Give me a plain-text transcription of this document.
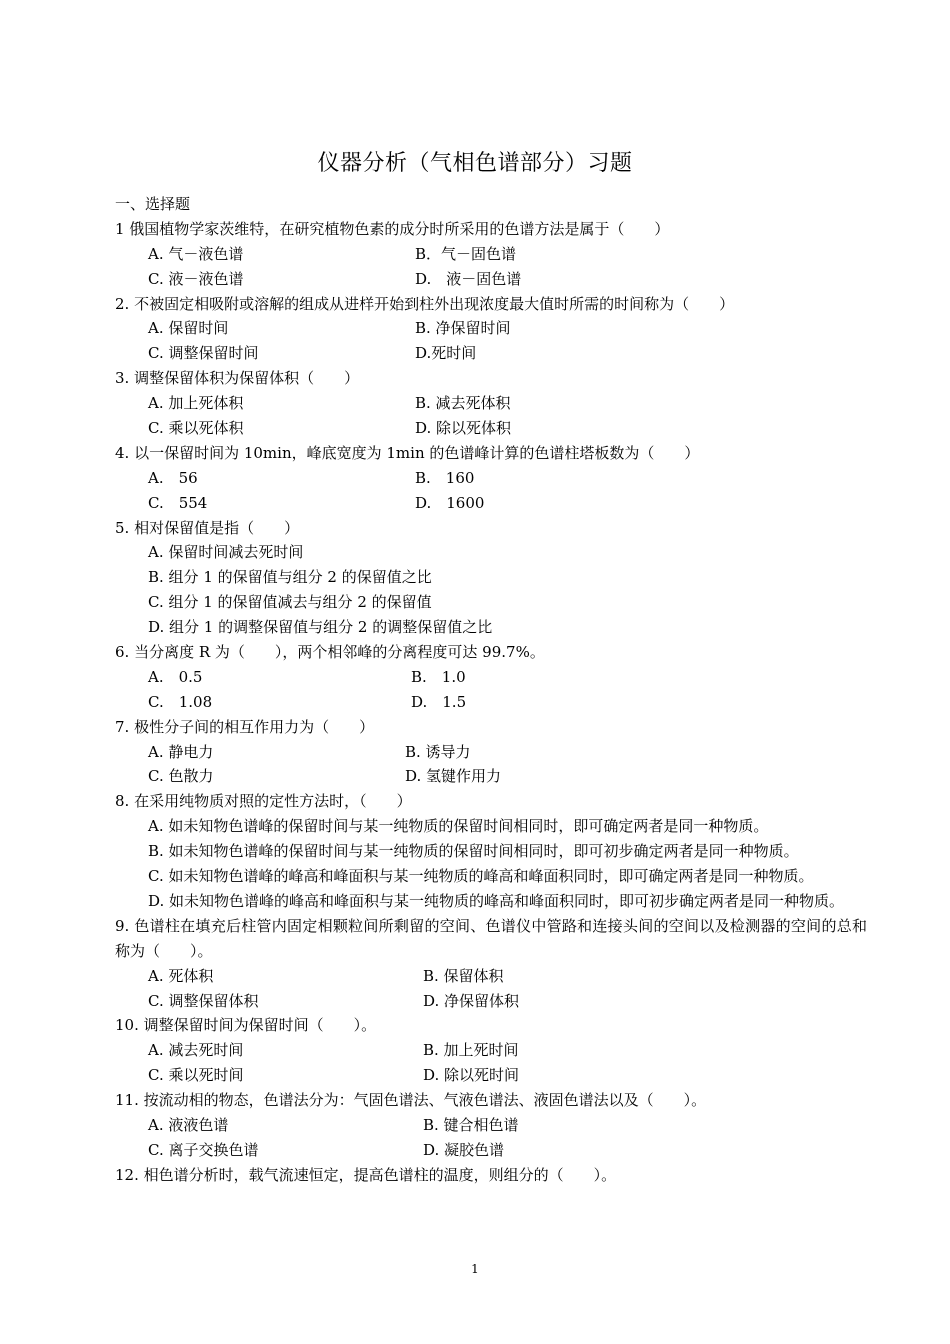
仪器分析（气相色谱部分）习题
一、选择题
1 俄国植物学家茨维特，在研究植物色素的成分时所采用的色谱方法是属于（　　）
A. 气－液色谱	B．气－固色谱
C. 液－液色谱	D.　液－固色谱
2. 不被固定相吸附或溶解的组成从进样开始到柱外出现浓度最大值时所需的时间称为（　　）
A. 保留时间	B. 净保留时间
C. 调整保留时间	D.死时间
3. 调整保留体积为保留体积（　　）
A. 加上死体积	B. 减去死体积
C. 乘以死体积	D. 除以死体积
4. 以一保留时间为 10min，峰底宽度为 1min 的色谱峰计算的色谱柱塔板数为（　　）
A.　56	B.　160
C.　554	D.　1600
5. 相对保留值是指（　　）
A. 保留时间减去死时间
B. 组分 1 的保留值与组分 2 的保留值之比
C. 组分 1 的保留值减去与组分 2 的保留值
D. 组分 1 的调整保留值与组分 2 的调整保留值之比
6. 当分离度 R 为（　　），两个相邻峰的分离程度可达 99.7%。
A.　0.5	B.　1.0
C.　1.08	D.　1.5
7. 极性分子间的相互作用力为（　　）
A. 静电力	B. 诱导力
C. 色散力	D. 氢键作用力
8. 在采用纯物质对照的定性方法时，（　　）
A. 如未知物色谱峰的保留时间与某一纯物质的保留时间相同时，即可确定两者是同一种物质。
B. 如未知物色谱峰的保留时间与某一纯物质的保留时间相同时，即可初步确定两者是同一种物质。
C. 如未知物色谱峰的峰高和峰面积与某一纯物质的峰高和峰面积同时，即可确定两者是同一种物质。
D. 如未知物色谱峰的峰高和峰面积与某一纯物质的峰高和峰面积同时，即可初步确定两者是同一种物质。
9. 色谱柱在填充后柱管内固定相颗粒间所剩留的空间、色谱仪中管路和连接头间的空间以及检测器的空间的总和称为（　　）。
A. 死体积	B. 保留体积
C. 调整保留体积	D. 净保留体积
10. 调整保留时间为保留时间（　　）。
A. 减去死时间	B. 加上死时间
C. 乘以死时间	D. 除以死时间
11. 按流动相的物态，色谱法分为：气固色谱法、气液色谱法、液固色谱法以及（　　）。
A. 液液色谱	B. 键合相色谱
C. 离子交换色谱	D. 凝胶色谱
12. 相色谱分析时，载气流速恒定，提高色谱柱的温度，则组分的（　　）。
1
